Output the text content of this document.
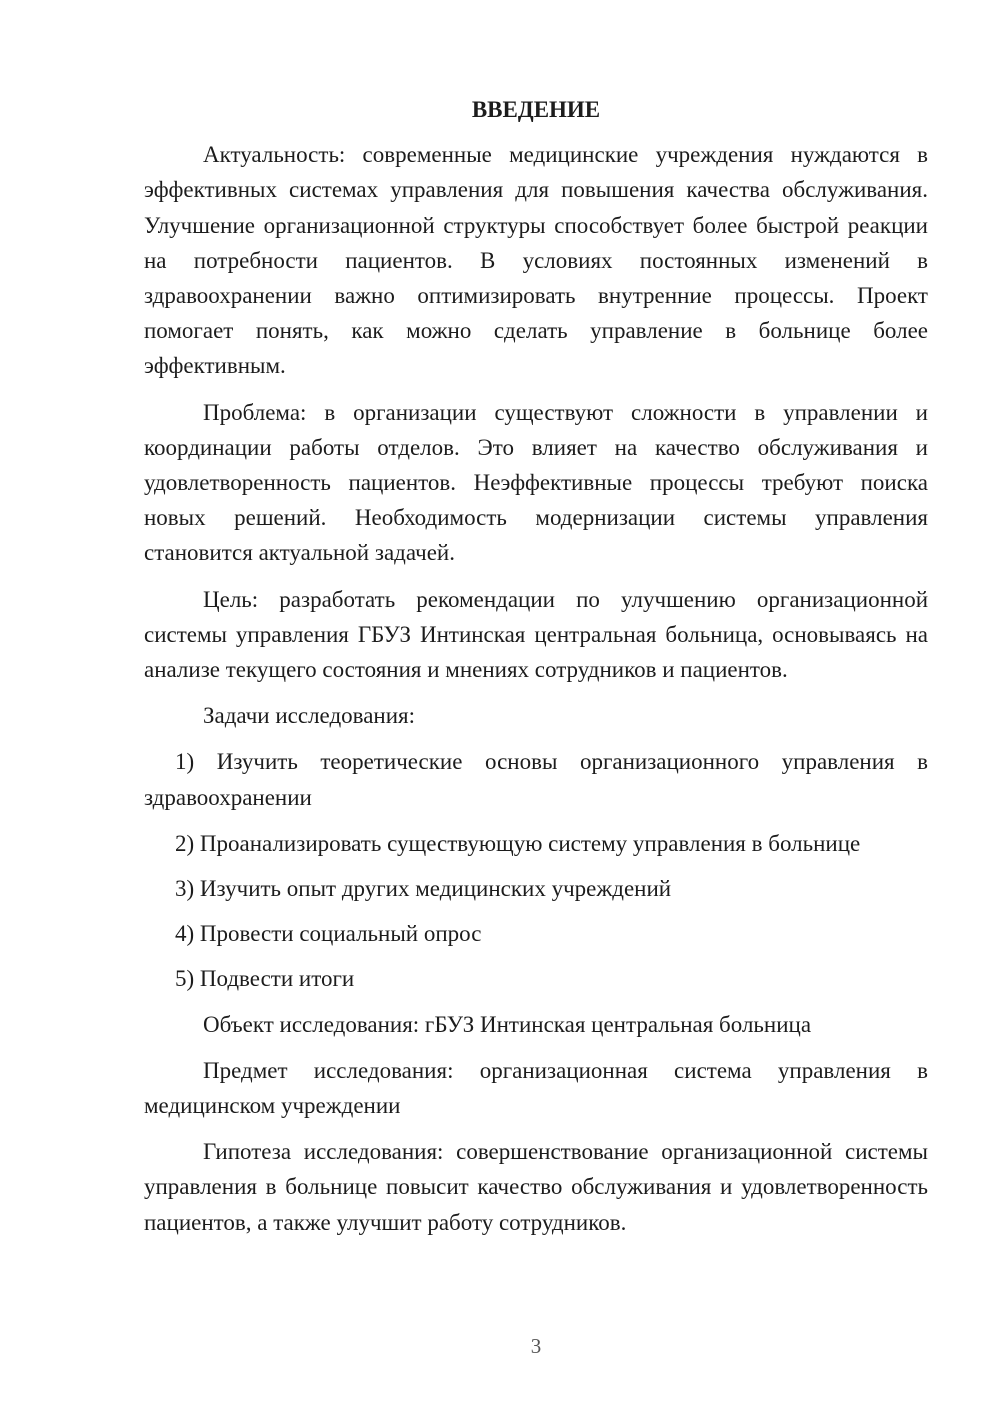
ВВЕДЕНИЕ

Актуальность: современные медицинские учреждения нуждаются в эффективных системах управления для повышения качества обслуживания. Улучшение организационной структуры способствует более быстрой реакции на потребности пациентов. В условиях постоянных изменений в здравоохранении важно оптимизировать внутренние процессы. Проект помогает понять, как можно сделать управление в больнице более эффективным.

Проблема: в организации существуют сложности в управлении и координации работы отделов. Это влияет на качество обслуживания и удовлетворенность пациентов. Неэффективные процессы требуют поиска новых решений. Необходимость модернизации системы управления становится актуальной задачей.

Цель: разработать рекомендации по улучшению организационной системы управления ГБУЗ Интинская центральная больница, основываясь на анализе текущего состояния и мнениях сотрудников и пациентов.

Задачи исследования:

1) Изучить теоретические основы организационного управления в здравоохранении

2) Проанализировать существующую систему управления в больнице
3) Изучить опыт других медицинских учреждений
4) Провести социальный опрос
5) Подвести итоги

Объект исследования: гБУЗ Интинская центральная больница

Предмет исследования: организационная система управления в медицинском учреждении

Гипотеза исследования: совершенствование организационной системы управления в больнице повысит качество обслуживания и удовлетворенность пациентов, а также улучшит работу сотрудников.

3
